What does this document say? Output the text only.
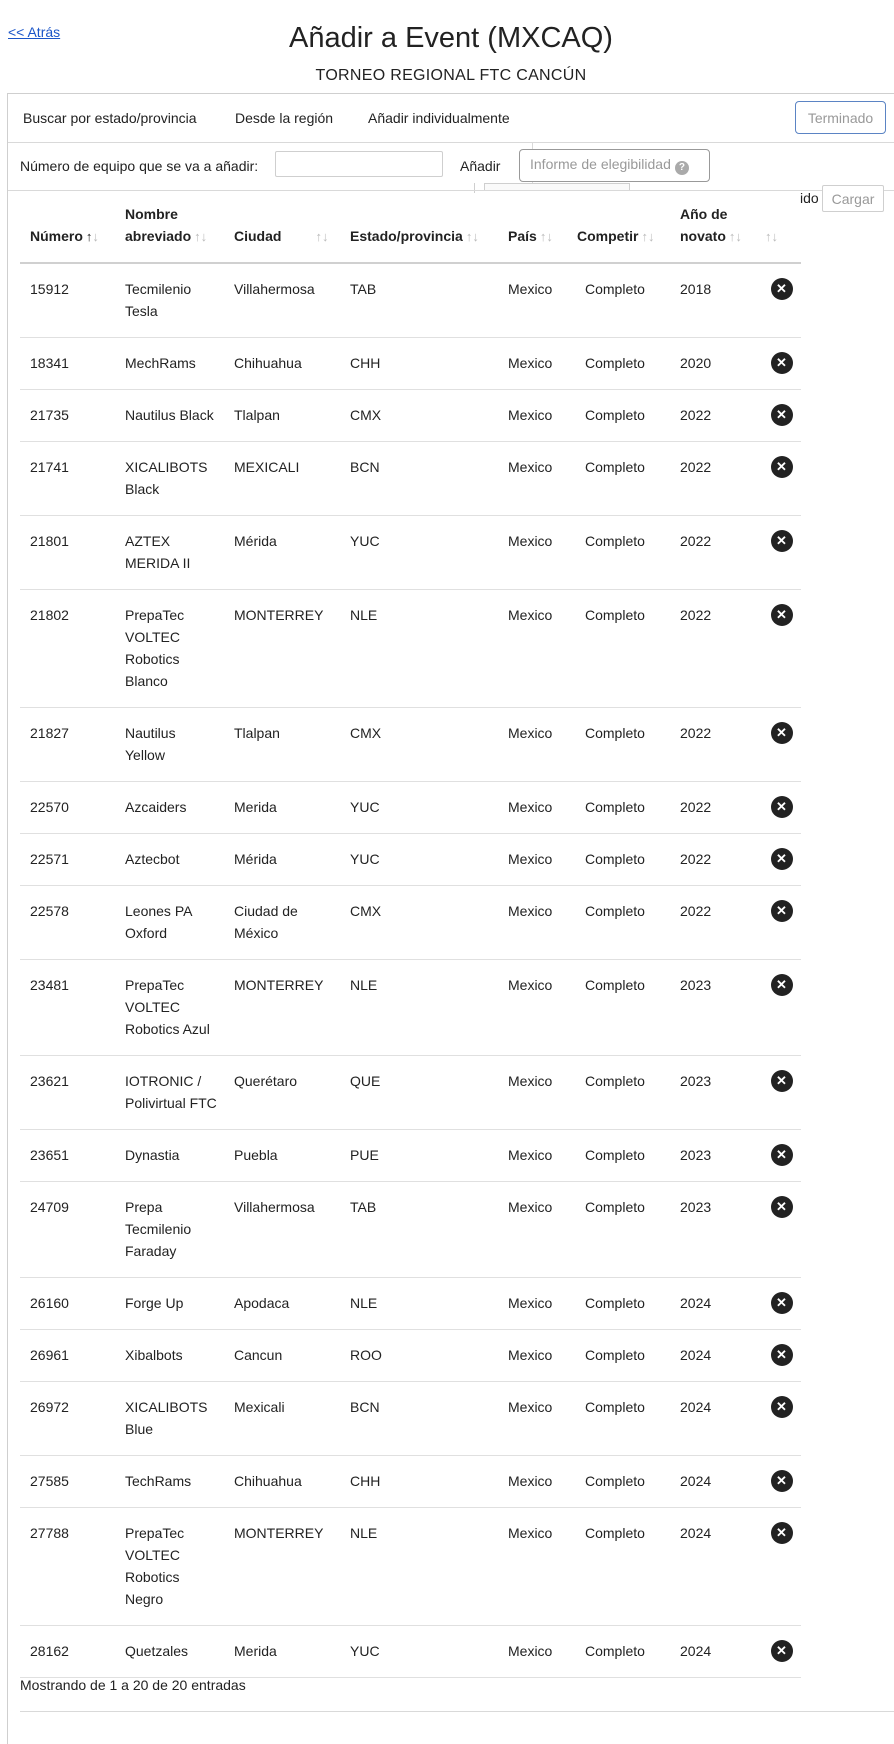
<< Atrás	Añadir a Event (MXCAQ)
TORNEO REGIONAL FTC CANCÚN
Buscar por estado/provincia	Desde la región Añadir individualmente	Terminado
Número de equipo que se va a añadir:	Añadir	Informe de elegibilidad ?
ido Cargar
Número ↑↓	Nombre abreviado ↑↓	Ciudad ↑↓	Estado/provincia ↑↓	País ↑↓	Competir ↑↓	Año de novato ↑↓	↑↓
15912	Tecmilenio Tesla	Villahermosa	TAB	Mexico	Completo	2018	✕
18341	MechRams	Chihuahua	CHH	Mexico	Completo	2020	✕
21735	Nautilus Black	Tlalpan	CMX	Mexico	Completo	2022	✕
21741	XICALIBOTS Black	MEXICALI	BCN	Mexico	Completo	2022	✕
21801	AZTEX MERIDA II	Mérida	YUC	Mexico	Completo	2022	✕
21802	PrepaTec VOLTEC Robotics Blanco	MONTERREY	NLE	Mexico	Completo	2022	✕
21827	Nautilus Yellow	Tlalpan	CMX	Mexico	Completo	2022	✕
22570	Azcaiders	Merida	YUC	Mexico	Completo	2022	✕
22571	Aztecbot	Mérida	YUC	Mexico	Completo	2022	✕
22578	Leones PA Oxford	Ciudad de México	CMX	Mexico	Completo	2022	✕
23481	PrepaTec VOLTEC Robotics Azul	MONTERREY	NLE	Mexico	Completo	2023	✕
23621	IOTRONIC / Polivirtual FTC	Querétaro	QUE	Mexico	Completo	2023	✕
23651	Dynastia	Puebla	PUE	Mexico	Completo	2023	✕
24709	Prepa Tecmilenio Faraday	Villahermosa	TAB	Mexico	Completo	2023	✕
26160	Forge Up	Apodaca	NLE	Mexico	Completo	2024	✕
26961	Xibalbots	Cancun	ROO	Mexico	Completo	2024	✕
26972	XICALIBOTS Blue	Mexicali	BCN	Mexico	Completo	2024	✕
27585	TechRams	Chihuahua	CHH	Mexico	Completo	2024	✕
27788	PrepaTec VOLTEC Robotics Negro	MONTERREY	NLE	Mexico	Completo	2024	✕
28162	Quetzales	Merida	YUC	Mexico	Completo	2024	✕
Mostrando de 1 a 20 de 20 entradas
